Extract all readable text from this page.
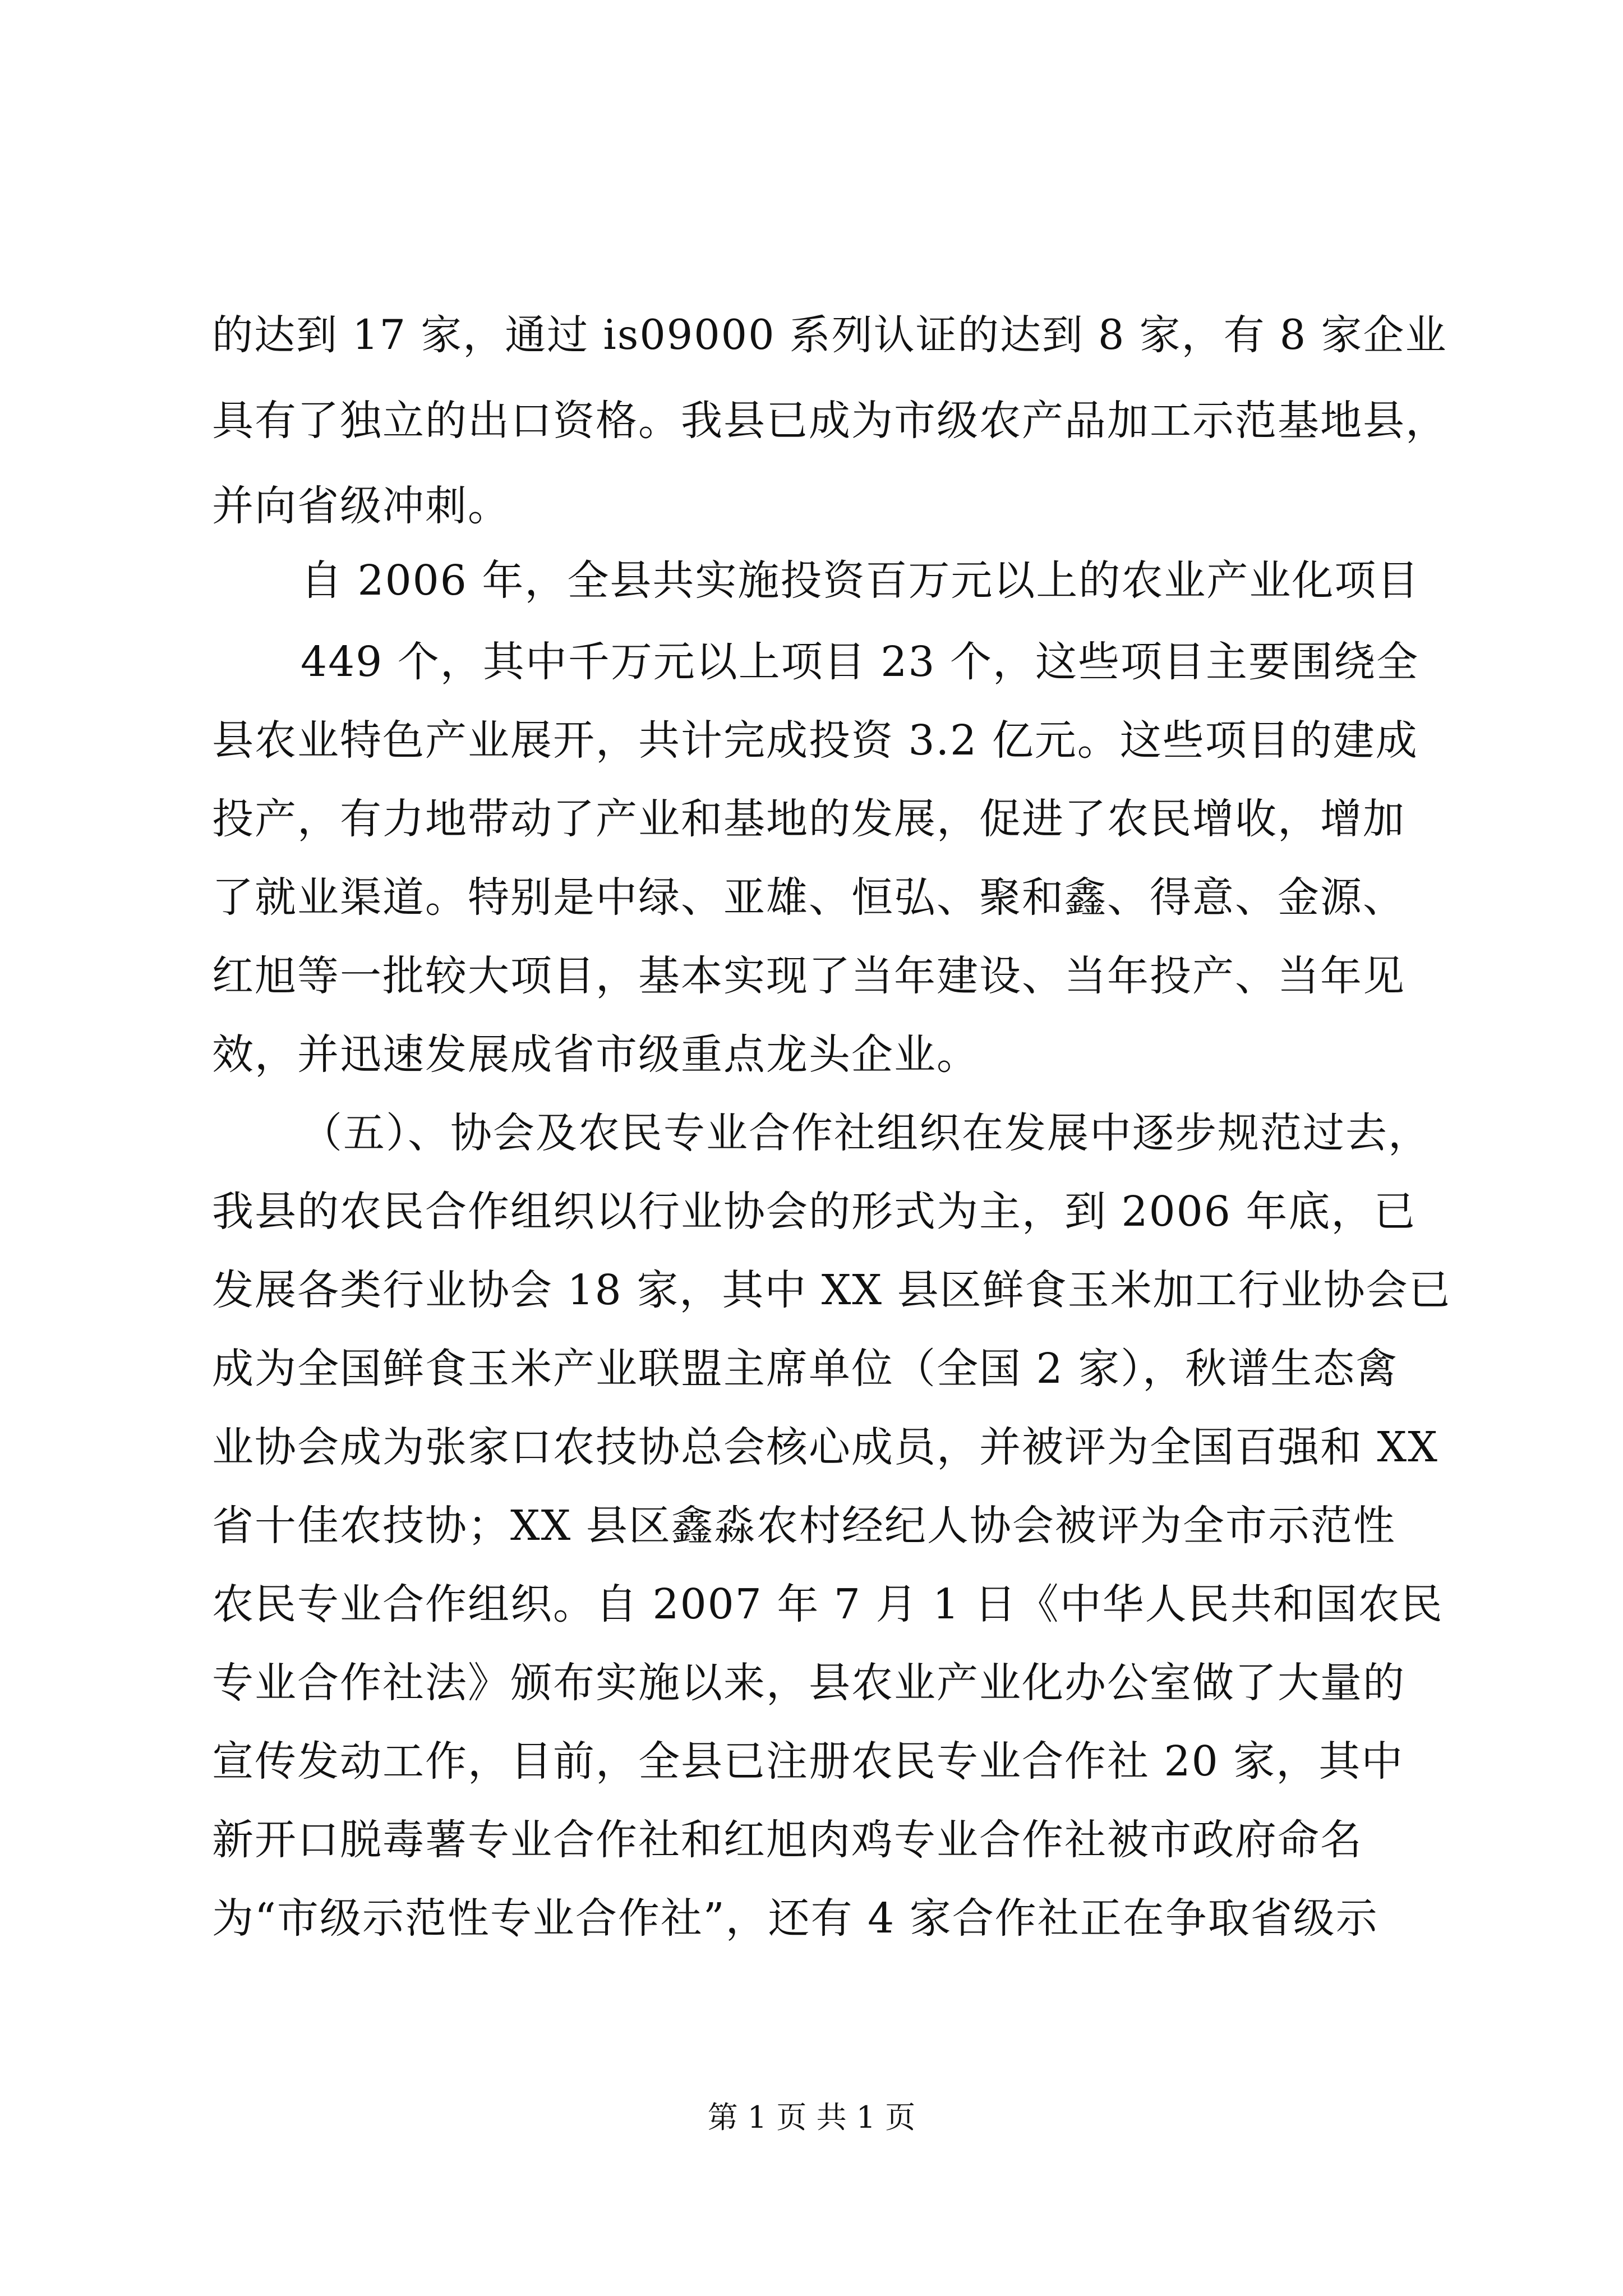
的达到 17 家，通过 is09000 系列认证的达到 8 家，有 8 家企业
具有了独立的出口资格。我县已成为市级农产品加工示范基地县，
并向省级冲刺。
自 2006 年，全县共实施投资百万元以上的农业产业化项目
449 个，其中千万元以上项目 23 个，这些项目主要围绕全
县农业特色产业展开，共计完成投资 3.2 亿元。这些项目的建成
投产，有力地带动了产业和基地的发展，促进了农民增收，增加
了就业渠道。特别是中绿、亚雄、恒弘、聚和鑫、得意、金源、
红旭等一批较大项目，基本实现了当年建设、当年投产、当年见
效，并迅速发展成省市级重点龙头企业。
（五）、协会及农民专业合作社组织在发展中逐步规范过去，
我县的农民合作组织以行业协会的形式为主，到 2006 年底，已
发展各类行业协会 18 家，其中 XX 县区鲜食玉米加工行业协会已
成为全国鲜食玉米产业联盟主席单位（全国 2 家），秋谱生态禽
业协会成为张家口农技协总会核心成员，并被评为全国百强和 XX
省十佳农技协；XX 县区鑫淼农村经纪人协会被评为全市示范性
农民专业合作组织。自 2007 年 7 月 1 日《中华人民共和国农民
专业合作社法》颁布实施以来，县农业产业化办公室做了大量的
宣传发动工作，目前，全县已注册农民专业合作社 20 家，其中
新开口脱毒薯专业合作社和红旭肉鸡专业合作社被市政府命名
为“市级示范性专业合作社”，还有 4 家合作社正在争取省级示
第 1 页 共 1 页
